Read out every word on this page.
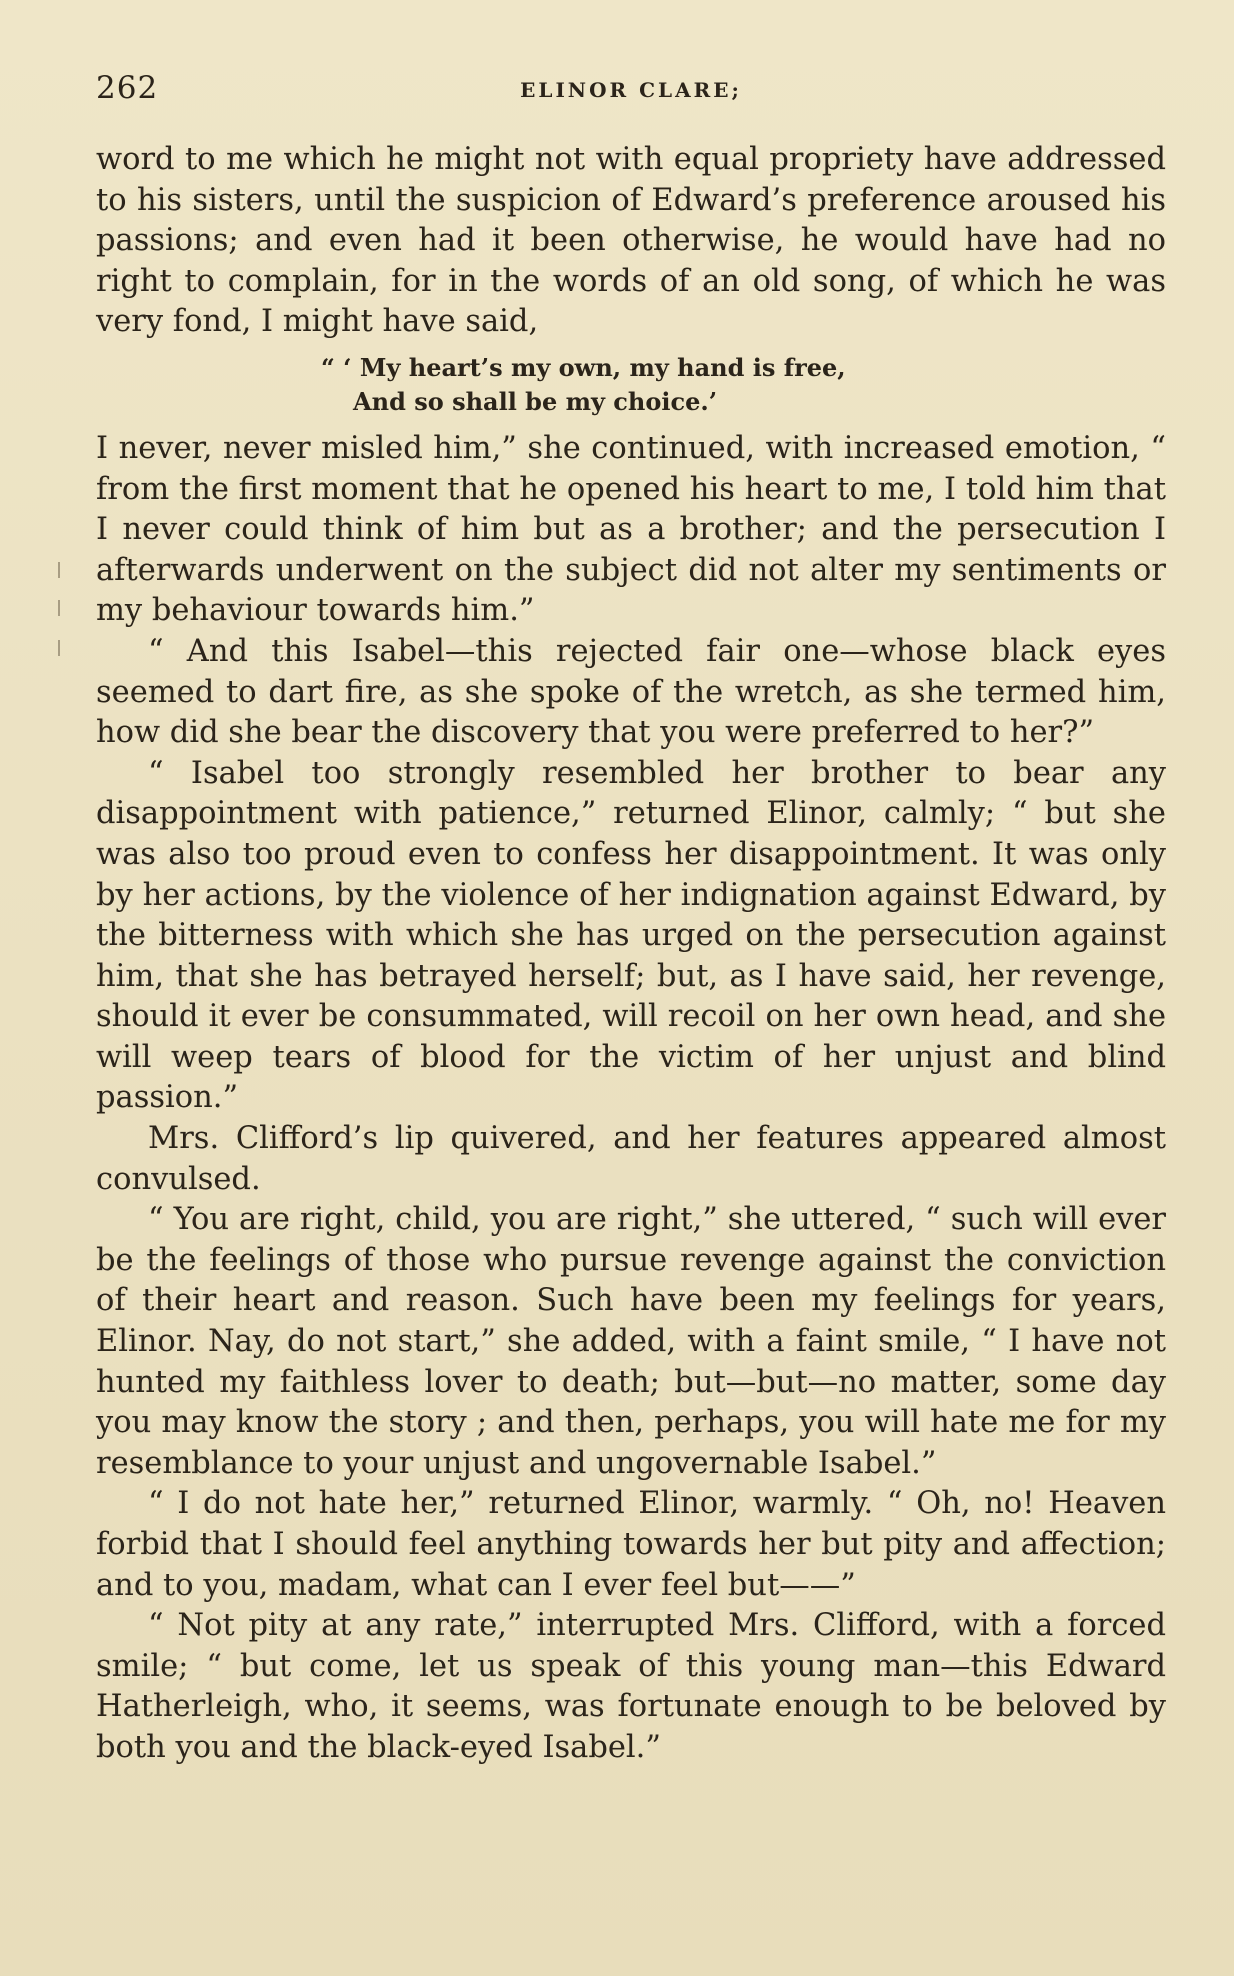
262	ELINOR CLARE;

word to me which he might not with equal propriety have addressed to his sisters, until the suspicion of Edward’s preference aroused his passions; and even had it been otherwise, he would have had no right to complain, for in the words of an old song, of which he was very fond, I might have said,

“ ‘ My heart’s my own, my hand is free,
And so shall be my choice.’

I never, never misled him,” she continued, with increased emotion, “ from the first moment that he opened his heart to me, I told him that I never could think of him but as a brother; and the persecution I afterwards underwent on the subject did not alter my sentiments or my behaviour towards him.”

“ And this Isabel—this rejected fair one—whose black eyes seemed to dart fire, as she spoke of the wretch, as she termed him, how did she bear the discovery that you were preferred to her?”

“ Isabel too strongly resembled her brother to bear any disappointment with patience,” returned Elinor, calmly; “ but she was also too proud even to confess her disappointment. It was only by her actions, by the violence of her indignation against Edward, by the bitterness with which she has urged on the persecution against him, that she has betrayed herself; but, as I have said, her revenge, should it ever be consummated, will recoil on her own head, and she will weep tears of blood for the victim of her unjust and blind passion.”

Mrs. Clifford’s lip quivered, and her features appeared almost convulsed.

“ You are right, child, you are right,” she uttered, “ such will ever be the feelings of those who pursue revenge against the conviction of their heart and reason. Such have been my feelings for years, Elinor. Nay, do not start,” she added, with a faint smile, “ I have not hunted my faithless lover to death; but—but—no matter, some day you may know the story ; and then, perhaps, you will hate me for my resemblance to your unjust and ungovernable Isabel.”

“ I do not hate her,” returned Elinor, warmly. “ Oh, no! Heaven forbid that I should feel anything towards her but pity and affection; and to you, madam, what can I ever feel but——”

“ Not pity at any rate,” interrupted Mrs. Clifford, with a forced smile; “ but come, let us speak of this young man—this Edward Hatherleigh, who, it seems, was fortunate enough to be beloved by both you and the black-eyed Isabel.”
